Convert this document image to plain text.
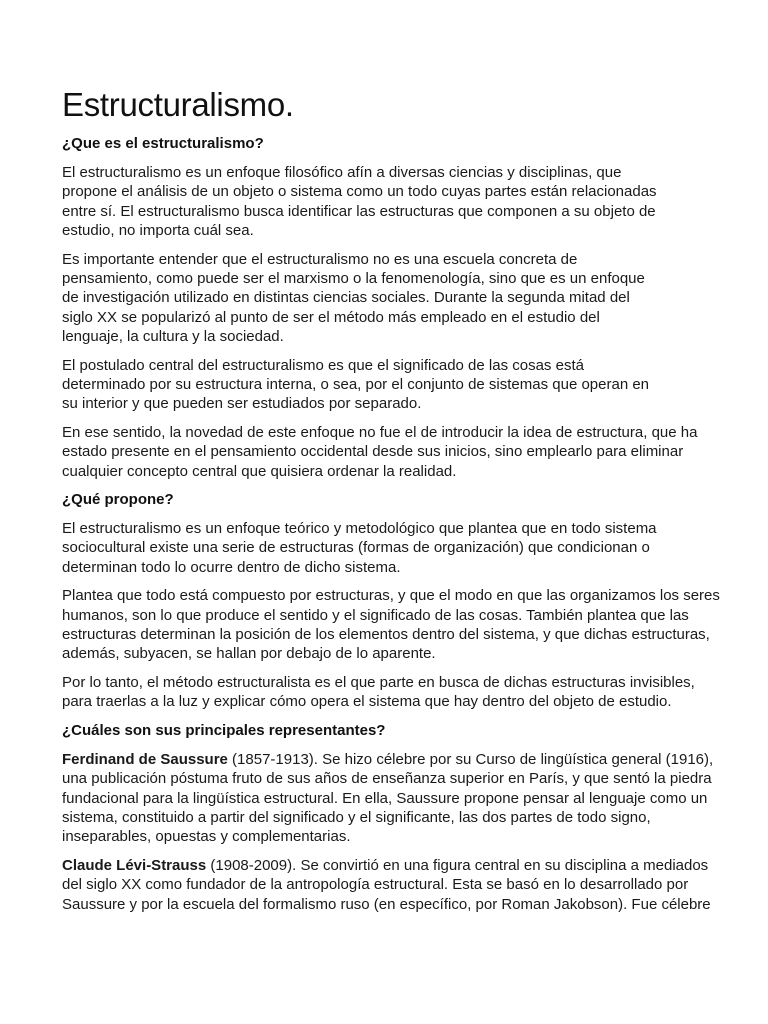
Estructuralismo.
¿Que es el estructuralismo?
El estructuralismo es un enfoque filosófico afín a diversas ciencias y disciplinas, que
propone el análisis de un objeto o sistema como un todo cuyas partes están relacionadas
entre sí. El estructuralismo busca identificar las estructuras que componen a su objeto de
estudio, no importa cuál sea.
Es importante entender que el estructuralismo no es una escuela concreta de
pensamiento, como puede ser el marxismo o la fenomenología, sino que es un enfoque
de investigación utilizado en distintas ciencias sociales. Durante la segunda mitad del
siglo XX se popularizó al punto de ser el método más empleado en el estudio del
lenguaje, la cultura y la sociedad.
El postulado central del estructuralismo es que el significado de las cosas está
determinado por su estructura interna, o sea, por el conjunto de sistemas que operan en
su interior y que pueden ser estudiados por separado.
En ese sentido, la novedad de este enfoque no fue el de introducir la idea de estructura, que ha
estado presente en el pensamiento occidental desde sus inicios, sino emplearlo para eliminar
cualquier concepto central que quisiera ordenar la realidad.
¿Qué propone?
El estructuralismo es un enfoque teórico y metodológico que plantea que en todo sistema
sociocultural existe una serie de estructuras (formas de organización) que condicionan o
determinan todo lo ocurre dentro de dicho sistema.
Plantea que todo está compuesto por estructuras, y que el modo en que las organizamos los seres
humanos, son lo que produce el sentido y el significado de las cosas. También plantea que las
estructuras determinan la posición de los elementos dentro del sistema, y que dichas estructuras,
además, subyacen, se hallan por debajo de lo aparente.
Por lo tanto, el método estructuralista es el que parte en busca de dichas estructuras invisibles,
para traerlas a la luz y explicar cómo opera el sistema que hay dentro del objeto de estudio.
¿Cuáles son sus principales representantes?
Ferdinand de Saussure (1857-1913). Se hizo célebre por su Curso de lingüística general (1916),
una publicación póstuma fruto de sus años de enseñanza superior en París, y que sentó la piedra
fundacional para la lingüística estructural. En ella, Saussure propone pensar al lenguaje como un
sistema, constituido a partir del significado y el significante, las dos partes de todo signo,
inseparables, opuestas y complementarias.
Claude Lévi-Strauss (1908-2009). Se convirtió en una figura central en su disciplina a mediados
del siglo XX como fundador de la antropología estructural. Esta se basó en lo desarrollado por
Saussure y por la escuela del formalismo ruso (en específico, por Roman Jakobson). Fue célebre
